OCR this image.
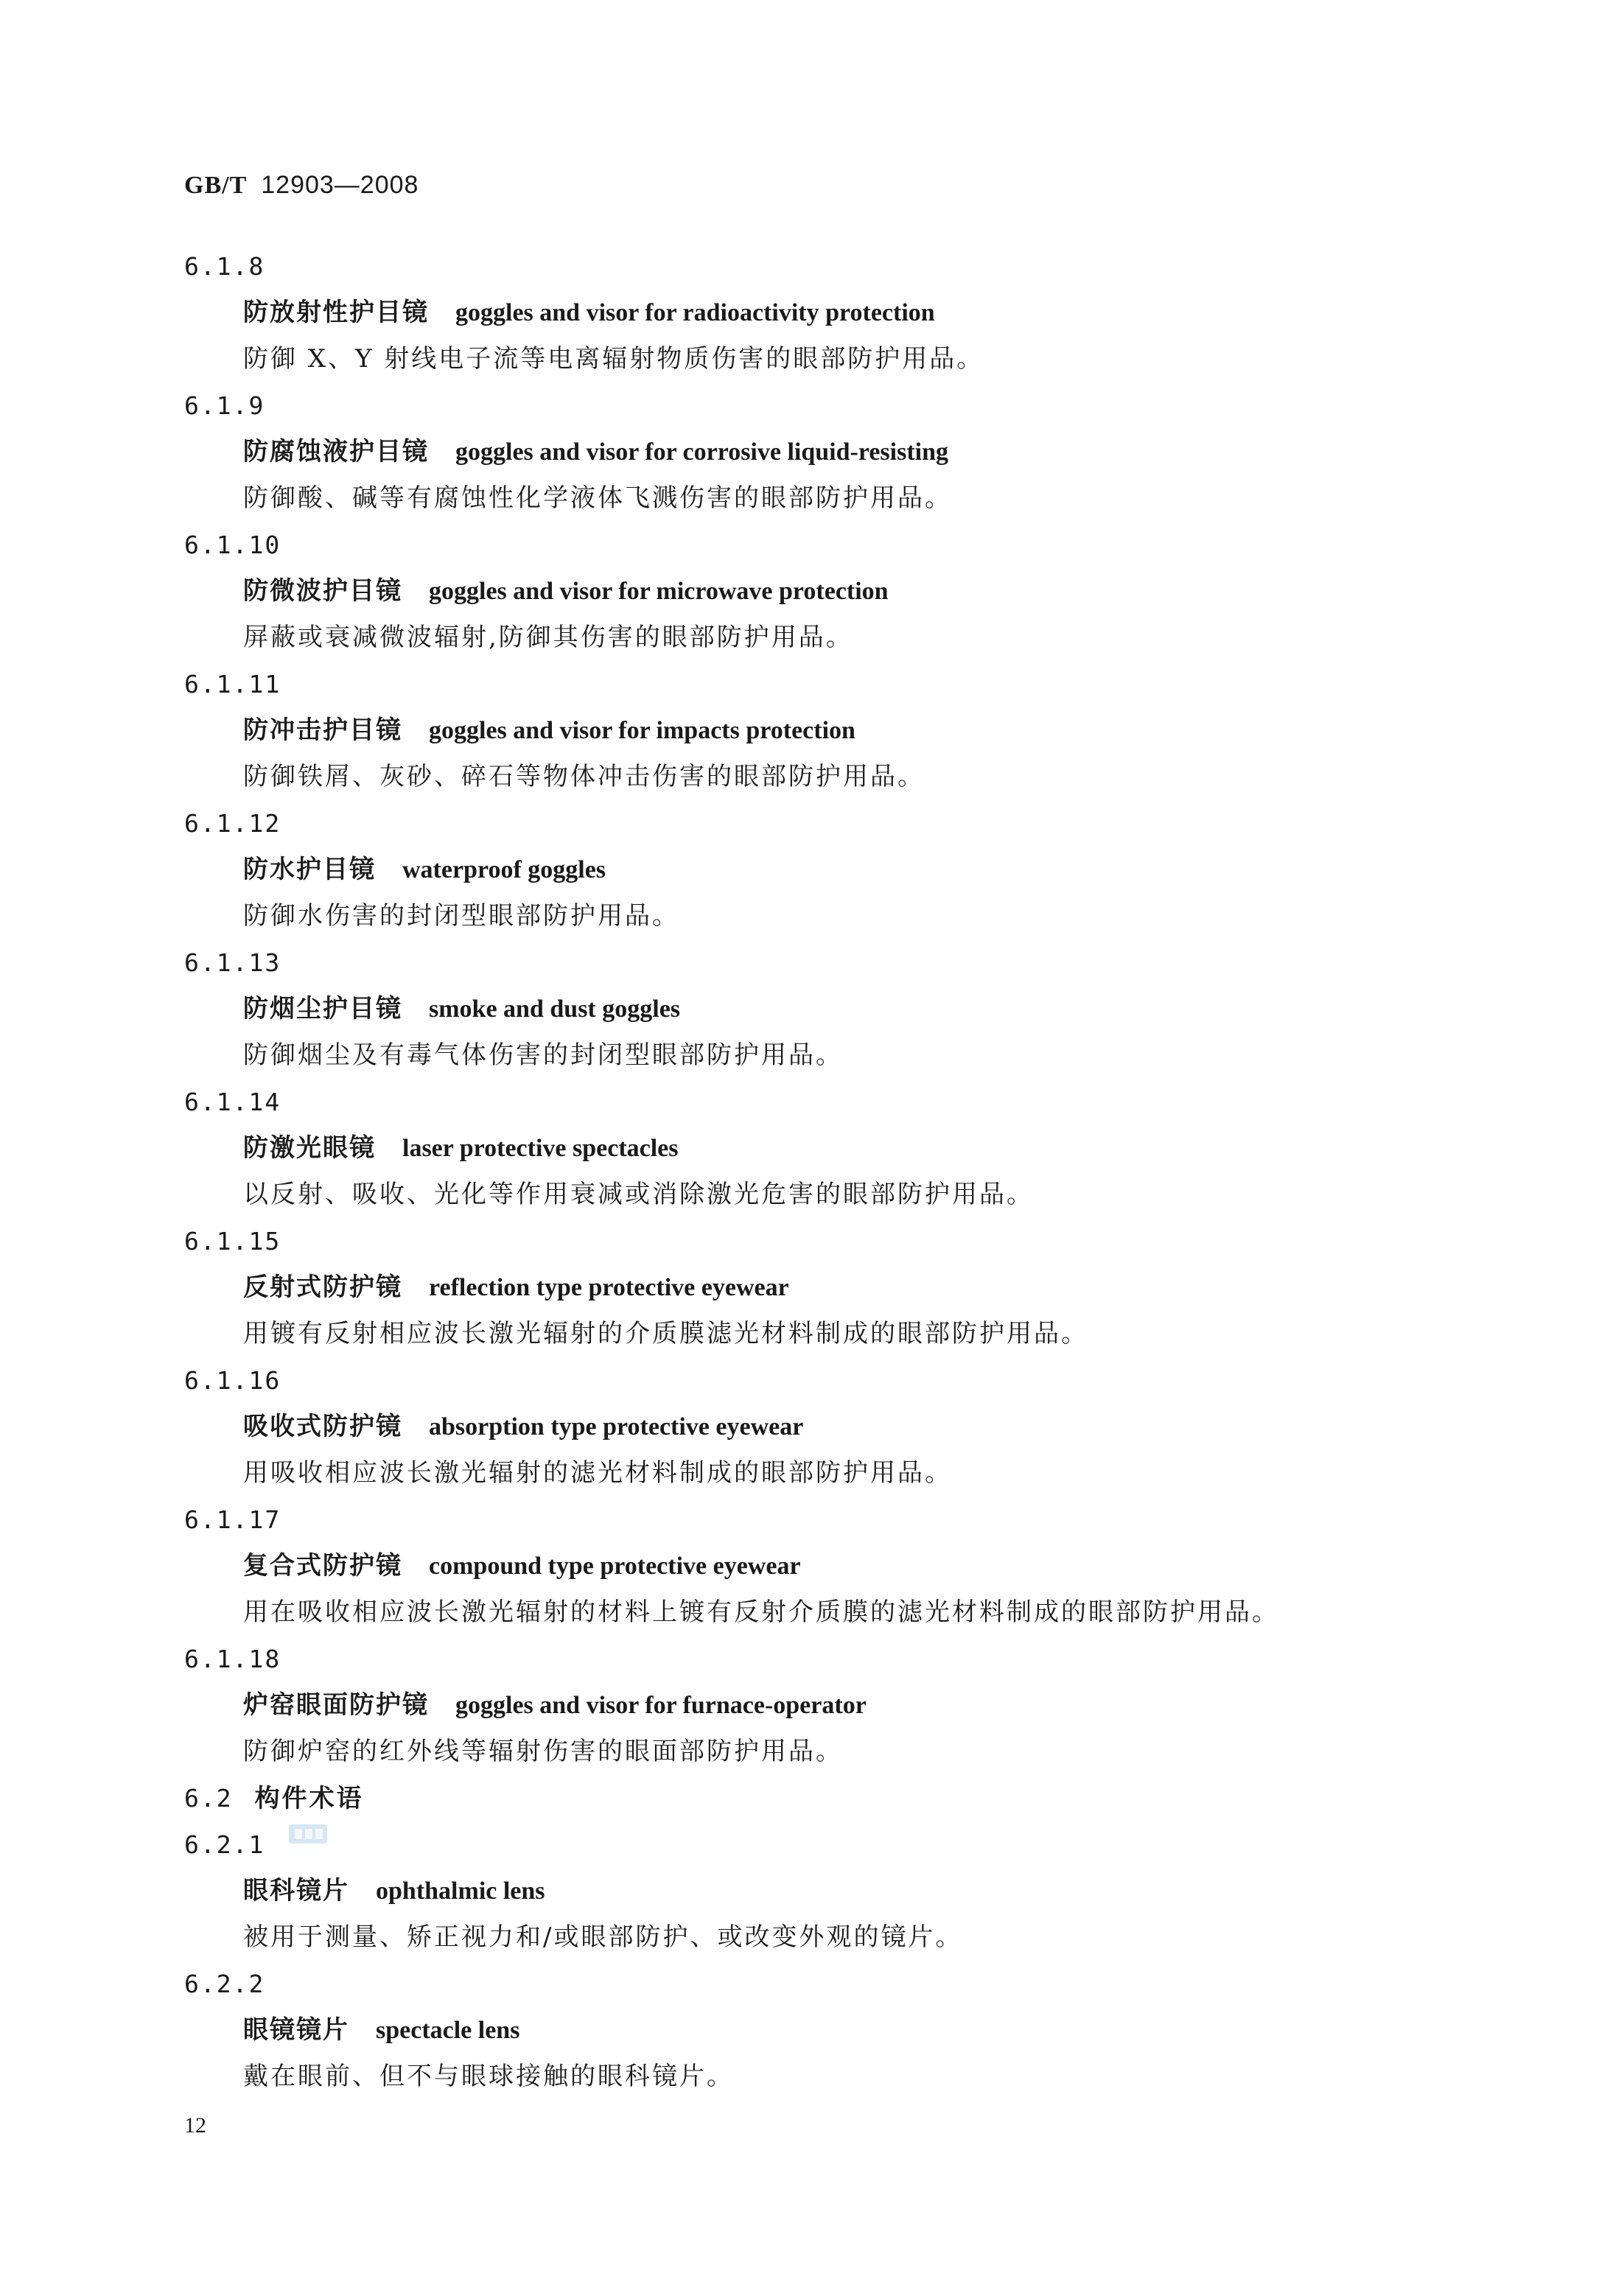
GB/T 12903—2008
6.1.8
防放射性护目镜 goggles and visor for radioactivity protection
防御 X、Y 射线电子流等电离辐射物质伤害的眼部防护用品。
6.1.9
防腐蚀液护目镜 goggles and visor for corrosive liquid-resisting
防御酸、碱等有腐蚀性化学液体飞溅伤害的眼部防护用品。
6.1.10
防微波护目镜 goggles and visor for microwave protection
屏蔽或衰减微波辐射,防御其伤害的眼部防护用品。
6.1.11
防冲击护目镜 goggles and visor for impacts protection
防御铁屑、灰砂、碎石等物体冲击伤害的眼部防护用品。
6.1.12
防水护目镜 waterproof goggles
防御水伤害的封闭型眼部防护用品。
6.1.13
防烟尘护目镜 smoke and dust goggles
防御烟尘及有毒气体伤害的封闭型眼部防护用品。
6.1.14
防激光眼镜 laser protective spectacles
以反射、吸收、光化等作用衰减或消除激光危害的眼部防护用品。
6.1.15
反射式防护镜 reflection type protective eyewear
用镀有反射相应波长激光辐射的介质膜滤光材料制成的眼部防护用品。
6.1.16
吸收式防护镜 absorption type protective eyewear
用吸收相应波长激光辐射的滤光材料制成的眼部防护用品。
6.1.17
复合式防护镜 compound type protective eyewear
用在吸收相应波长激光辐射的材料上镀有反射介质膜的滤光材料制成的眼部防护用品。
6.1.18
炉窑眼面防护镜 goggles and visor for furnace-operator
防御炉窑的红外线等辐射伤害的眼面部防护用品。
6.2 构件术语
6.2.1
眼科镜片 ophthalmic lens
被用于测量、矫正视力和/或眼部防护、或改变外观的镜片。
6.2.2
眼镜镜片 spectacle lens
戴在眼前、但不与眼球接触的眼科镜片。
12
